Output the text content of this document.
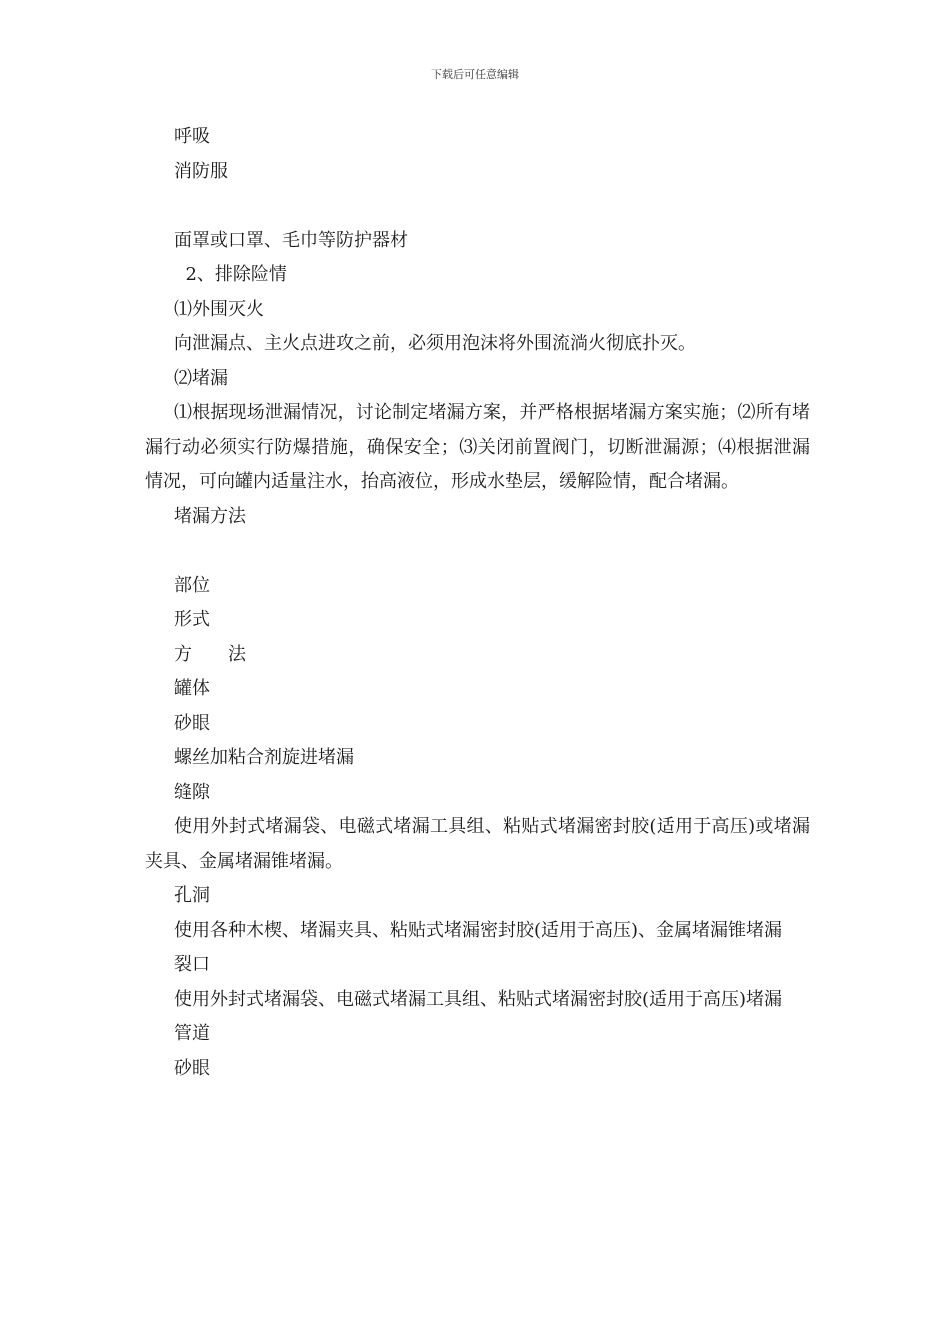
下载后可任意编辑

呼吸

消防服

面罩或口罩、毛巾等防护器材

2、排除险情

⑴外围灭火

向泄漏点、主火点进攻之前，必须用泡沫将外围流淌火彻底扑灭。

⑵堵漏

⑴根据现场泄漏情况，讨论制定堵漏方案，并严格根据堵漏方案实施；⑵所有堵漏行动必须实行防爆措施，确保安全；⑶关闭前置阀门，切断泄漏源；⑷根据泄漏情况，可向罐内适量注水，抬高液位，形成水垫层，缓解险情，配合堵漏。

堵漏方法

部位

形式

方　　法

罐体

砂眼

螺丝加粘合剂旋进堵漏

缝隙

使用外封式堵漏袋、电磁式堵漏工具组、粘贴式堵漏密封胶(适用于高压)或堵漏夹具、金属堵漏锥堵漏。

孔洞

使用各种木楔、堵漏夹具、粘贴式堵漏密封胶(适用于高压)、金属堵漏锥堵漏

裂口

使用外封式堵漏袋、电磁式堵漏工具组、粘贴式堵漏密封胶(适用于高压)堵漏

管道

砂眼
